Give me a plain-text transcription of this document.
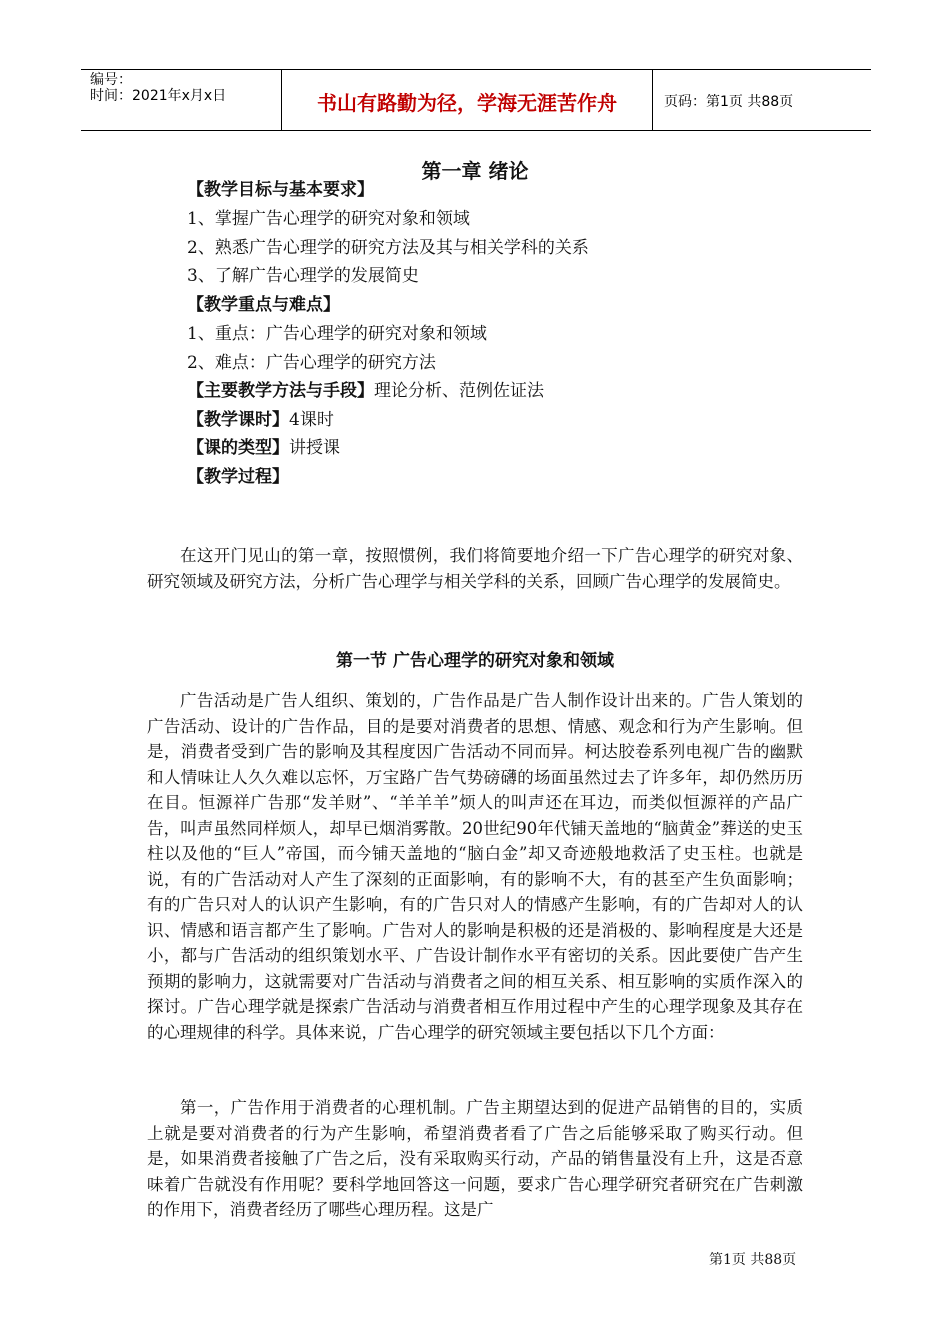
编号：
时间：2021年x月x日	书山有路勤为径，学海无涯苦作舟	页码：第1页 共88页
第一章 绪论
【教学目标与基本要求】
1、掌握广告心理学的研究对象和领域
2、熟悉广告心理学的研究方法及其与相关学科的关系
3、了解广告心理学的发展简史
【教学重点与难点】
1、重点：广告心理学的研究对象和领域
2、难点：广告心理学的研究方法
【主要教学方法与手段】理论分析、范例佐证法
【教学课时】4课时
【课的类型】讲授课
【教学过程】
在这开门见山的第一章，按照惯例，我们将简要地介绍一下广告心理学的研究对象、研究领域及研究方法，分析广告心理学与相关学科的关系，回顾广告心理学的发展简史。
第一节 广告心理学的研究对象和领域
广告活动是广告人组织、策划的，广告作品是广告人制作设计出来的。广告人策划的广告活动、设计的广告作品，目的是要对消费者的思想、情感、观念和行为产生影响。但是，消费者受到广告的影响及其程度因广告活动不同而异。柯达胶卷系列电视广告的幽默和人情味让人久久难以忘怀，万宝路广告气势磅礴的场面虽然过去了许多年，却仍然历历在目。恒源祥广告那“发羊财”、“羊羊羊”烦人的叫声还在耳边，而类似恒源祥的产品广告，叫声虽然同样烦人，却早已烟消雾散。20世纪90年代铺天盖地的“脑黄金”葬送的史玉柱以及他的“巨人”帝国，而今铺天盖地的“脑白金”却又奇迹般地救活了史玉柱。也就是说，有的广告活动对人产生了深刻的正面影响，有的影响不大，有的甚至产生负面影响；有的广告只对人的认识产生影响，有的广告只对人的情感产生影响，有的广告却对人的认识、情感和语言都产生了影响。广告对人的影响是积极的还是消极的、影响程度是大还是小，都与广告活动的组织策划水平、广告设计制作水平有密切的关系。因此要使广告产生预期的影响力，这就需要对广告活动与消费者之间的相互关系、相互影响的实质作深入的探讨。广告心理学就是探索广告活动与消费者相互作用过程中产生的心理学现象及其存在的心理规律的科学。具体来说，广告心理学的研究领域主要包括以下几个方面：
第一，广告作用于消费者的心理机制。广告主期望达到的促进产品销售的目的，实质上就是要对消费者的行为产生影响，希望消费者看了广告之后能够采取了购买行动。但是，如果消费者接触了广告之后，没有采取购买行动，产品的销售量没有上升，这是否意味着广告就没有作用呢？要科学地回答这一问题，要求广告心理学研究者研究在广告刺激的作用下，消费者经历了哪些心理历程。这是广
第1页 共88页
